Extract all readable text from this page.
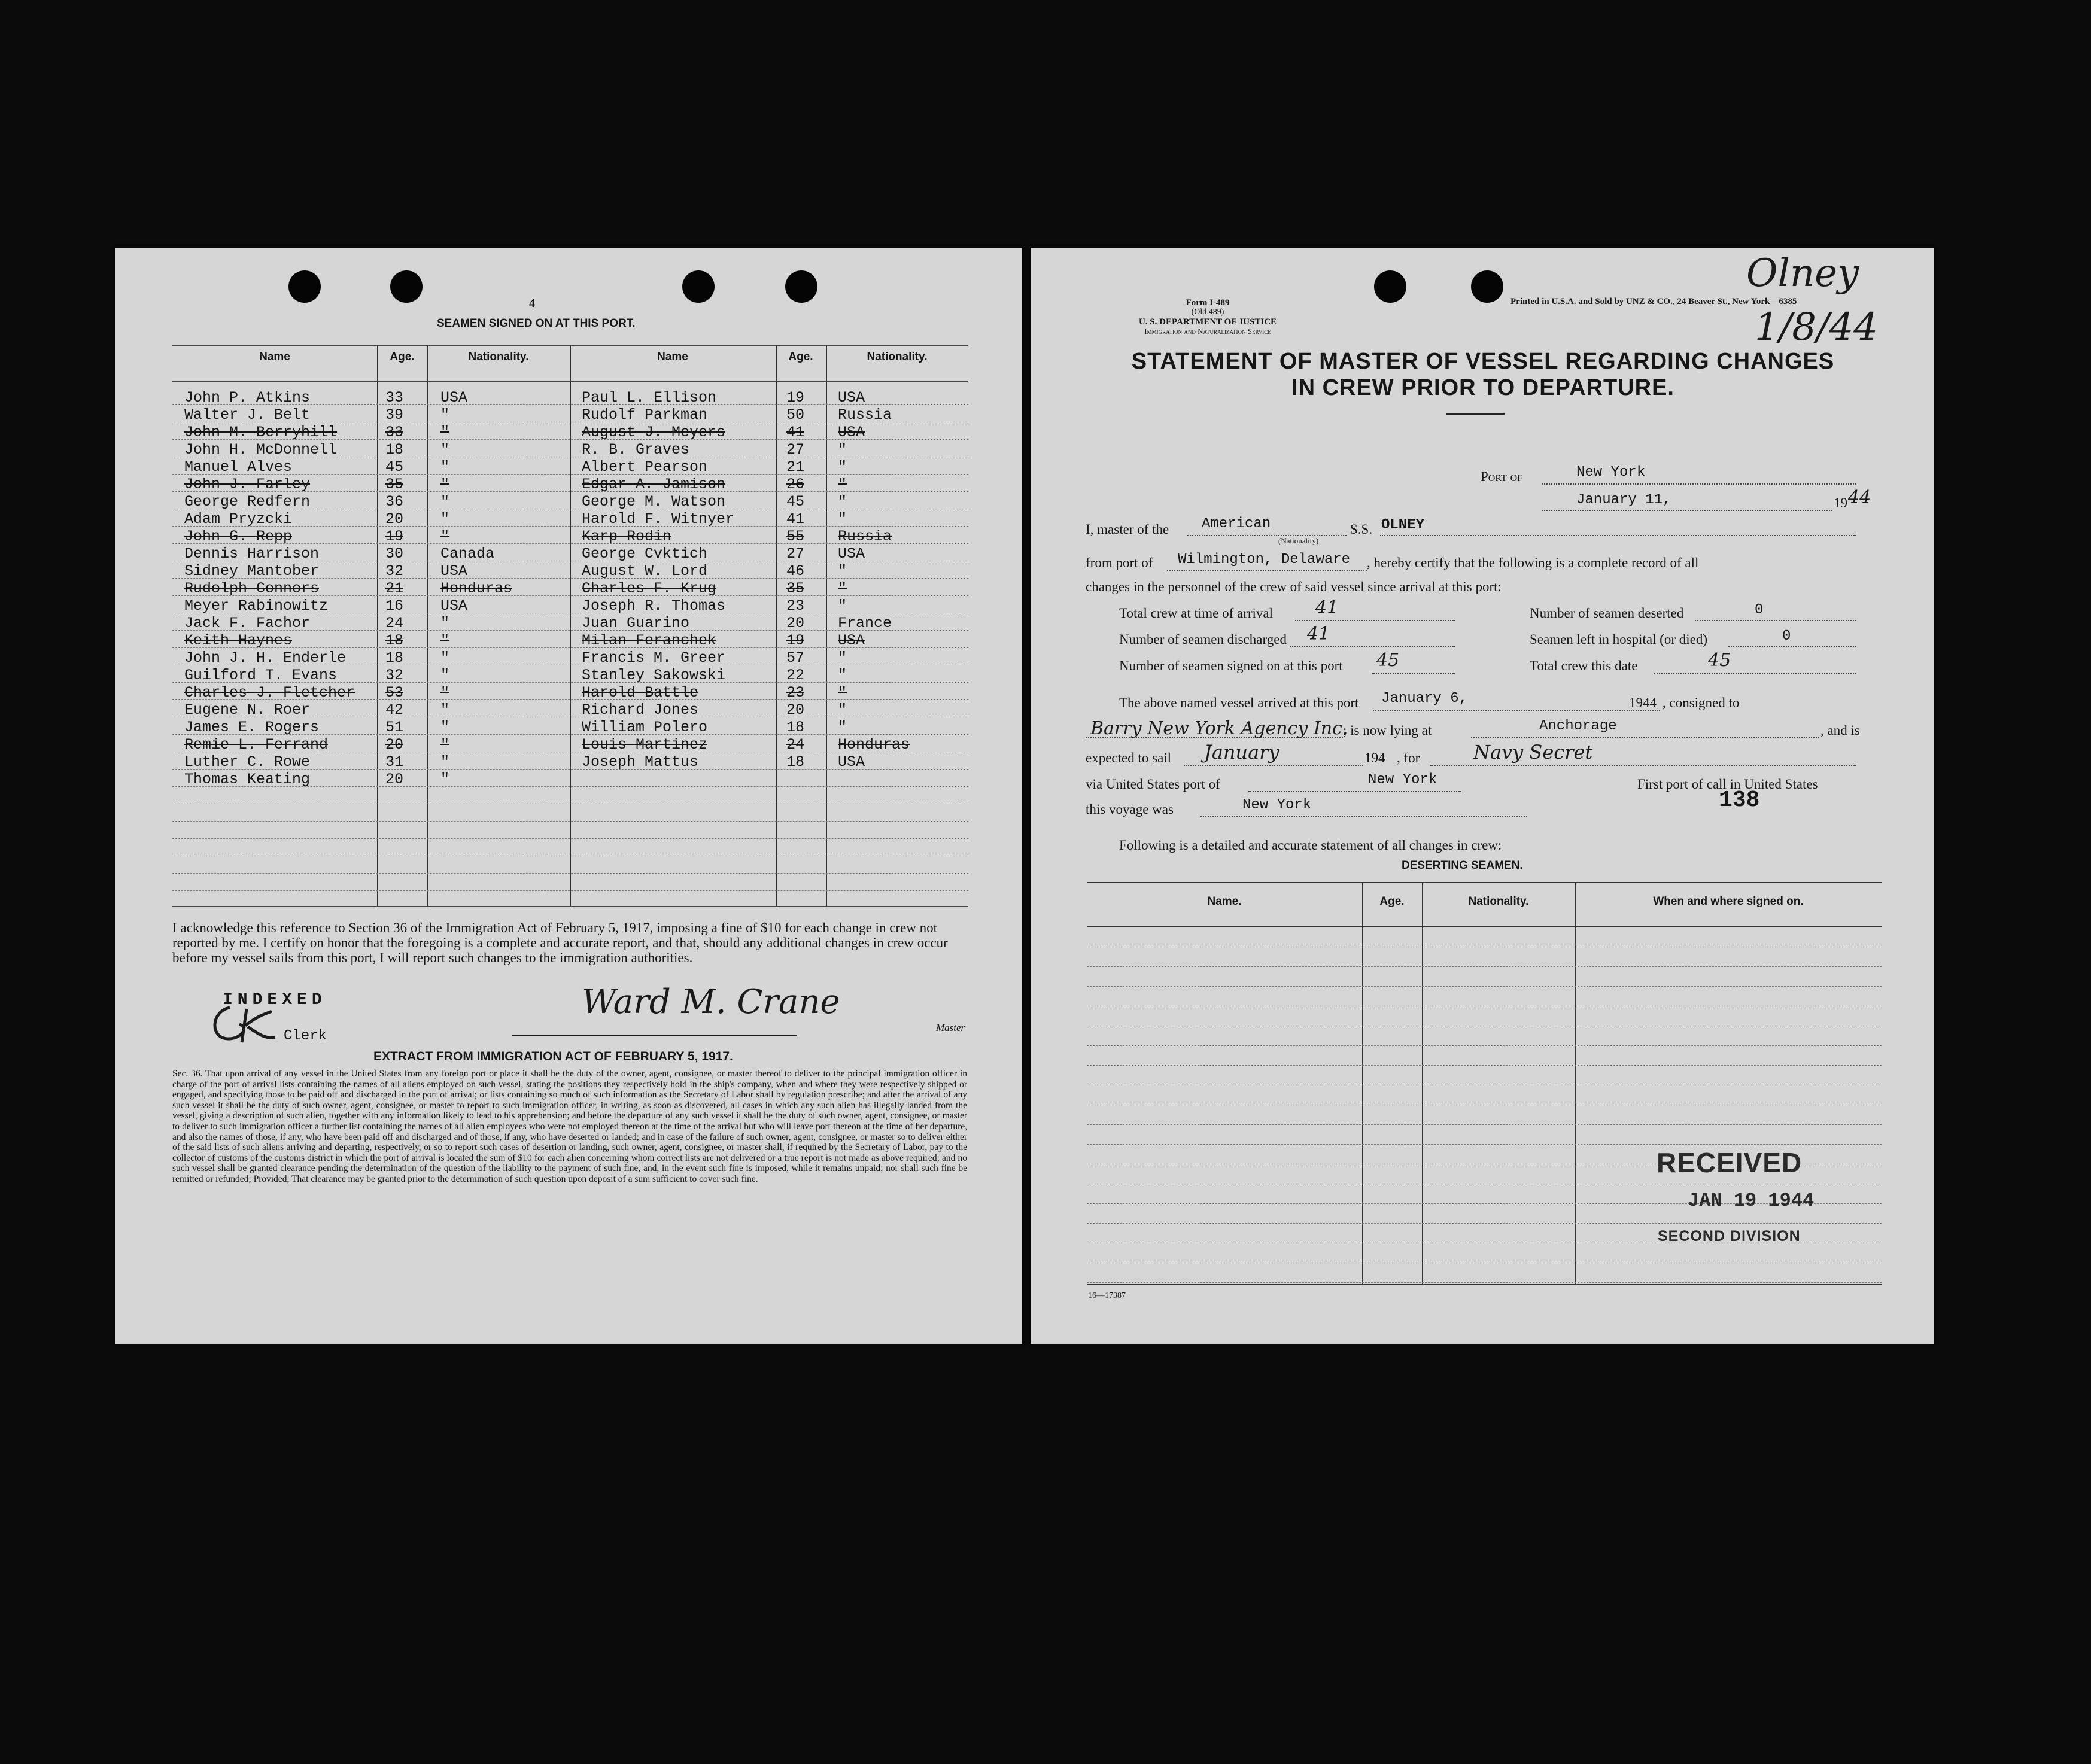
4
SEAMEN SIGNED ON AT THIS PORT.
Name	Age.	Nationality.	Name	Age.	Nationality.
John P. Atkins	33 USA
Walter J. Belt	39 "
John M. Berryhill	33 "
John H. McDonnell	18 "
Manuel Alves	45 "
John J. Farley	35 "
George Redfern	36 "
Adam Pryzcki	20 "
John G. Repp	19 "
Dennis Harrison	30 Canada
Sidney Mantober	32 USA
Rudolph Connors	21 Honduras
Meyer Rabinowitz	16 USA
Jack F. Fachor	24 "
Keith Haynes	18 "
John J. H. Enderle	18 "
Guilford T. Evans	32 "
Charles J. Fletcher 53 "
Eugene N. Roer	42 "
James E. Rogers	51 "
Remie L. Ferrand	20 "
Luther C. Rowe	31 "
Thomas Keating	20 "
Paul L. Ellison	19 USA
Rudolf Parkman	50 Russia
August J. Meyers	41 USA
R. B. Graves	27 "
Albert Pearson	21 "
Edgar A. Jamison	26 "
George M. Watson	45 "
Harold F. Witnyer	41 "
Karp Rodin	55 Russia
George Cvktich	27 USA
August W. Lord	46 "
Charles F. Krug	35 "
Joseph R. Thomas	23 "
Juan Guarino	20 France
Milan Feranchek	19 USA
Francis M. Greer	57 "
Stanley Sakowski	22 "
Harold Battle	23 "
Richard Jones	20 "
William Polero	18 "
Louis Martinez	24 Honduras
Joseph Mattus	18 USA
I acknowledge this reference to Section 36 of the Immigration Act of February 5, 1917, imposing a fine of $10 for each change in crew not reported by me. I certify on honor that the foregoing is a complete and accurate report, and that, should any additional changes in crew occur before my vessel sails from this port, I will report such changes to the immigration authorities.
INDEXED
Clerk
Ward M. Crane
Master
EXTRACT FROM IMMIGRATION ACT OF FEBRUARY 5, 1917.
Sec. 36. That upon arrival of any vessel in the United States from any foreign port or place it shall be the duty of the owner, agent, consignee, or master thereof to deliver to the principal immigration officer in charge of the port of arrival lists containing the names of all aliens employed on such vessel, stating the positions they respectively hold in the ship's company, when and where they were respectively shipped or engaged, and specifying those to be paid off and discharged in the port of arrival; or lists containing so much of such information as the Secretary of Labor shall by regulation prescribe; and after the arrival of any such vessel it shall be the duty of such owner, agent, consignee, or master to report to such immigration officer, in writing, as soon as discovered, all cases in which any such alien has illegally landed from the vessel, giving a description of such alien, together with any information likely to lead to his apprehension; and before the departure of any such vessel it shall be the duty of such owner, agent, consignee, or master to deliver to such immigration officer a further list containing the names of all alien employees who were not employed thereon at the time of the arrival but who will leave port thereon at the time of her departure, and also the names of those, if any, who have been paid off and discharged and of those, if any, who have deserted or landed; and in case of the failure of such owner, agent, consignee, or master so to deliver either of the said lists of such aliens arriving and departing, respectively, or so to report such cases of desertion or landing, such owner, agent, consignee, or master shall, if required by the Secretary of Labor, pay to the collector of customs of the customs district in which the port of arrival is located the sum of $10 for each alien concerning whom correct lists are not delivered or a true report is not made as above required; and no such vessel shall be granted clearance pending the determination of the question of the liability to the payment of such fine, and, in the event such fine is imposed, while it remains unpaid; nor shall such fine be remitted or refunded; Provided, That clearance may be granted prior to the determination of such question upon deposit of a sum sufficient to cover such fine.
Form I-489
(Old 489)
U. S. DEPARTMENT OF JUSTICE
Immigration and Naturalization Service
Printed in U.S.A. and Sold by UNZ & CO., 24 Beaver St., New York—6385
Olney
1/8/44
STATEMENT OF MASTER OF VESSEL REGARDING CHANGES
IN CREW PRIOR TO DEPARTURE.
Port of	New York
January 11,	19 44
I, master of the American
(Nationality)
S.S. OLNEY
from port of Wilmington, Delaware , hereby certify that the following is a complete record of all
changes in the personnel of the crew of said vessel since arrival at this port:
Total crew at time of arrival 41
Number of seamen discharged 41
Number of seamen signed on at this port 45
Number of seamen deserted	0
Seamen left in hospital (or died)	0
Total crew this date	45
The above named vessel arrived at this port January 6,	1944 , consigned to
Barry New York Agency Inc.
; is now lying at	Anchorage	, and is
expected to sail January	194 , for	Navy Secret
via United States port of	New York	First port of call in United States
this voyage was	New York	138
Following is a detailed and accurate statement of all changes in crew:
DESERTING SEAMEN.
Name.	Age.	Nationality.	When and where signed on.
RECEIVED
JAN 19 1944
SECOND DIVISION
16—17387
